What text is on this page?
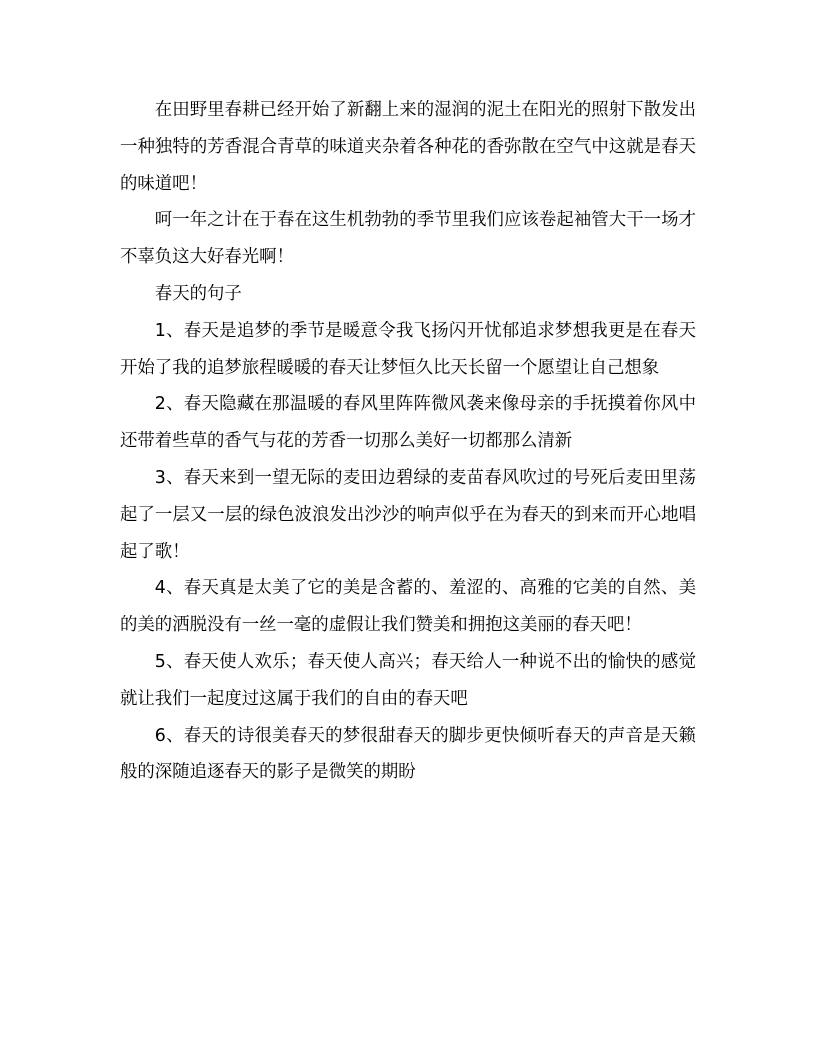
在田野里春耕已经开始了新翻上来的湿润的泥土在阳光的照射下散发出一种独特的芳香混合青草的味道夹杂着各种花的香弥散在空气中这就是春天的味道吧！

呵一年之计在于春在这生机勃勃的季节里我们应该卷起袖管大干一场才不辜负这大好春光啊！

春天的句子

1、春天是追梦的季节是暖意令我飞扬闪开忧郁追求梦想我更是在春天开始了我的追梦旅程暖暖的春天让梦恒久比天长留一个愿望让自己想象

2、春天隐藏在那温暖的春风里阵阵微风袭来像母亲的手抚摸着你风中还带着些草的香气与花的芳香一切那么美好一切都那么清新

3、春天来到一望无际的麦田边碧绿的麦苗春风吹过的号死后麦田里荡起了一层又一层的绿色波浪发出沙沙的响声似乎在为春天的到来而开心地唱起了歌！

4、春天真是太美了它的美是含蓄的、羞涩的、高雅的它美的自然、美的美的洒脱没有一丝一毫的虚假让我们赞美和拥抱这美丽的春天吧！

5、春天使人欢乐；春天使人高兴；春天给人一种说不出的愉快的感觉就让我们一起度过这属于我们的自由的春天吧

6、春天的诗很美春天的梦很甜春天的脚步更快倾听春天的声音是天籁般的深随追逐春天的影子是微笑的期盼
